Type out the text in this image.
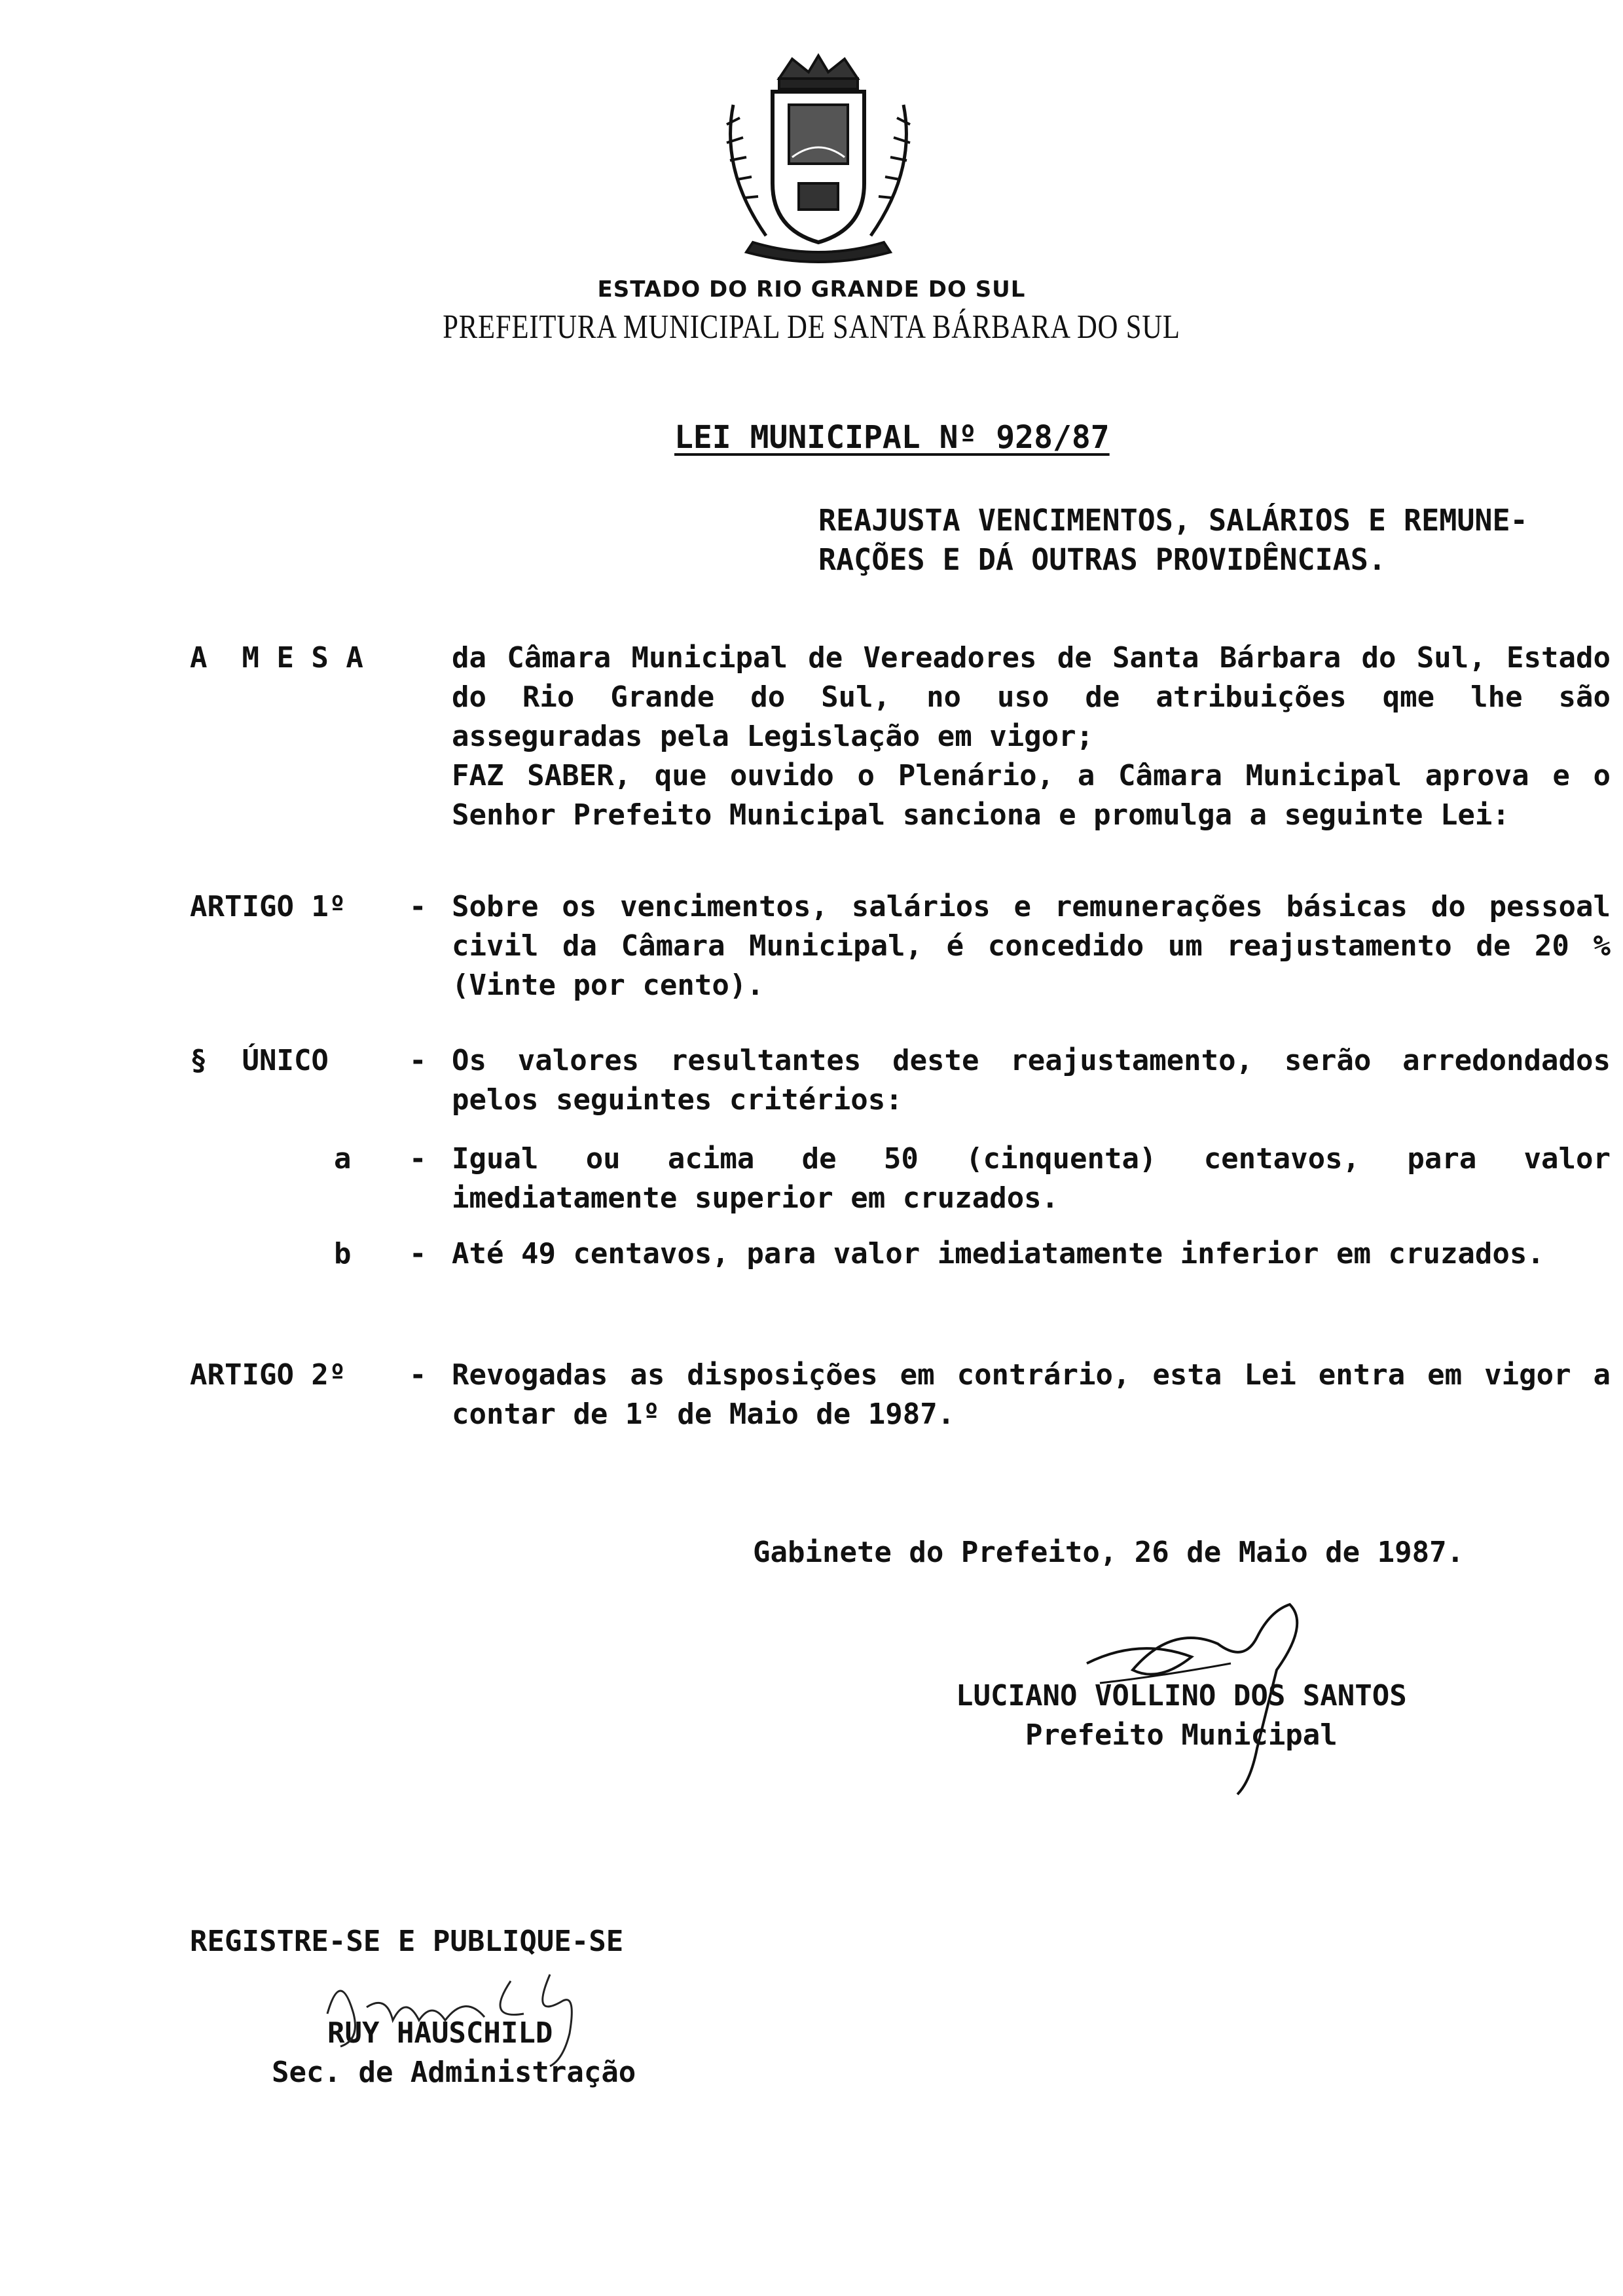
ESTADO DO RIO GRANDE DO SUL
PREFEITURA MUNICIPAL DE SANTA BÁRBARA DO SUL
LEI MUNICIPAL Nº 928/87
REAJUSTA VENCIMENTOS, SALÁRIOS E REMUNE-
RAÇÕES E DÁ OUTRAS PROVIDÊNCIAS.
A  M E S A	da Câmara Municipal de Vereadores de Santa Bárbara do Sul, Estado do Rio Grande do Sul, no uso de atribuições qme lhe são asseguradas pela Legislação em vigor;
FAZ SABER, que ouvido o Plenário, a Câmara Municipal aprova e o Senhor Prefeito Municipal sanciona e promulga a seguinte Lei:
ARTIGO 1º - Sobre os vencimentos, salários e remunerações básicas do pessoal civil da Câmara Municipal, é concedido um reajustamento de 20 % (Vinte por cento).
§  ÚNICO	- Os valores resultantes deste reajustamento, serão arredondados pelos seguintes critérios:
a - Igual ou acima de 50 (cinquenta) centavos, para valor imediatamente superior em cruzados.
b - Até 49 centavos, para valor imediatamente inferior em cruzados.
ARTIGO 2º - Revogadas as disposições em contrário, esta Lei entra em vigor a contar de 1º de Maio de 1987.
Gabinete do Prefeito, 26 de Maio de 1987.
LUCIANO VOLLINO DOS SANTOS
Prefeito Municipal
REGISTRE-SE E PUBLIQUE-SE
RUY HAUSCHILD
Sec. de Administração
